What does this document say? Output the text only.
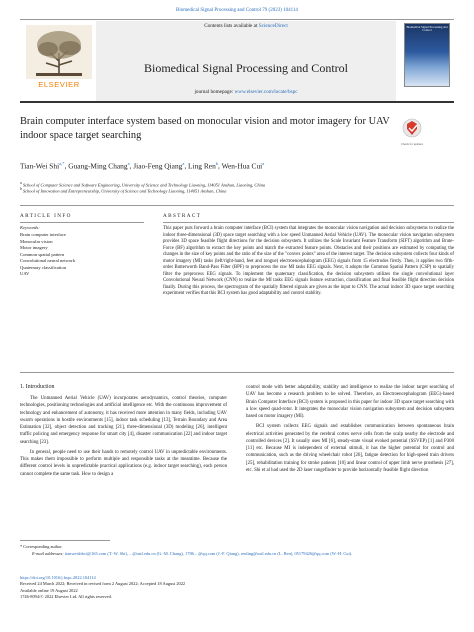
Biomedical Signal Processing and Control 79 (2023) 104114
ELSEVIER
Contents lists available at ScienceDirect
Biomedical Signal Processing and Control
journal homepage: www.elsevier.com/locate/bspc
Biomedical Signal Processing and Control
Brain computer interface system based on monocular vision and motor imagery for UAV indoor space target searching
Check for updates
Tian-Wei Shi$^{a,*}$, Guang-Ming Chang$^a$, Jiao-Feng Qiang$^a$, Ling Ren$^b$, Wen-Hua Cui$^a$
$^a$ School of Computer Science and Software Engineering, University of Science and Technology Liaoning, 114051 Anshan, Liaoning, China
$^b$ School of Innovation and Entrepreneurship, University of Science and Technology Liaoning, 114051 Anshan, China
ARTICLE INFO
Keywords:
Brain computer interface
Monocular vision
Motor imagery
Common spatial pattern
Convolutional neural network
Quaternary classification
UAV
ABSTRACT
This paper puts forward a brain computer interface (BCI) system that integrates the monocular vision navigation and decision subsystems to realize the indoor three-dimensional (3D) space target searching with a low speed Unmanned Aerial Vehicle (UAV). The monocular vision navigation subsystem provides 3D space feasible flight directions for the decision subsystem. It utilizes the Scale Invariant Feature Transform (SIFT) algorithm and Brute-Force (BF) algorithm to extract the key points and match the extracted feature points. Obstacles and their positions are estimated by computing the changes in the size of key points and the ratio of the size of the "convex points" area of the interest target. The decision subsystem collects four kinds of motor imagery (MI) tasks (left/right-hand, feet and tongue) electroencephalogram (EEG) signals from 15 electrodes firstly. Then, it applies two fifth-order Butterworth Band-Pass Filter (BPF) to preprocess the raw MI tasks EEG signals. Next, it adopts the Common Spatial Pattern (CSP) to spatially filter the preprocess EEG signals. To implement the quaternary classification, the decision subsystem utilizes the single convolutional layer Convolutional Neural Network (CNN) to realize the MI tasks EEG signals feature extraction, classification and final feasible flight direction decision finally. During this process, the spectrogram of the spatially filtered signals are given as the input to CNN. The actual indoor 3D space target searching experiment verifies that this BCI system has good adaptability and control stability.
1. Introduction

The Unmanned Aerial Vehicle (UAV) incorporates aerodynamics, control theories, computer technologies, positioning technologies and artificial intelligence etc. With the continuous improvement of technology and enhancement of autonomy, it has received more attention in many fields, including UAV swarm operations in hostile environments [15], indoor task scheduling [13], Terrain Boundary and Area Estimation [32], object detection and tracking [21], three-dimensional (3D) modeling [26], intelligent traffic policing and emergency response for smart city [4], disaster communication [22] and indoor target searching [23].

In general, people need to use their hands to remotely control UAV in unpredictable environments. This makes them impossible to perform multiple and responsible tasks at the meantime. Because the different control levels in unpredictable practical applications (e.g. indoor target searching), each person cannot complete the same task. How to design a

control mode with better adaptability, stability and intelligence to realize the indoor target searching of UAV has become a research problem to be solved. Therefore, an Electroencephalogram (EEG)-based Brain Computer Interface (BCI) system is proposed in this paper for indoor 3D space target searching with a low speed quad-rotor. It integrates the monocular vision navigation subsystem and decision subsystem based on motor imagery (MI).

BCI system collects EEG signals and establishes communication between spontaneous brain electrical activities generated by the cerebral cortex nerve cells from the scalp nearby the electrode and controlled devices [2]. It usually uses MI [6], steady-state visual evoked potential (SSVEP) [1] and P300 [11] etc. Because MI is independent of external stimuli, it has the higher potential for control and communication, such as the driving wheelchair robot [26], fatigue detection for high-speed train drivers [25], rehabilitation training for stroke patients [10] and linear control of upper limb nerve prosthesis [27], etc. Shi et al had used the 2D laser rangefinder to provide horizontally feasible flight direction

* Corresponding author.
E-mail addresses: tianweishbci@163.com (T.-W. Shi), ...@ustl.edu.cn (G.-M. Chang), 1786... @qq.com (J.-F. Qiang), renling@ustl.edu.cn (L. Ren), 05179426@qq.com (W.-H. Cui).
https://doi.org/10.1016/j.bspc.2022.104114
Received 24 March 2022; Received in revised form 2 August 2022; Accepted 18 August 2022
Available online 19 August 2022
1746-8094/© 2022 Elsevier Ltd. All rights reserved.
